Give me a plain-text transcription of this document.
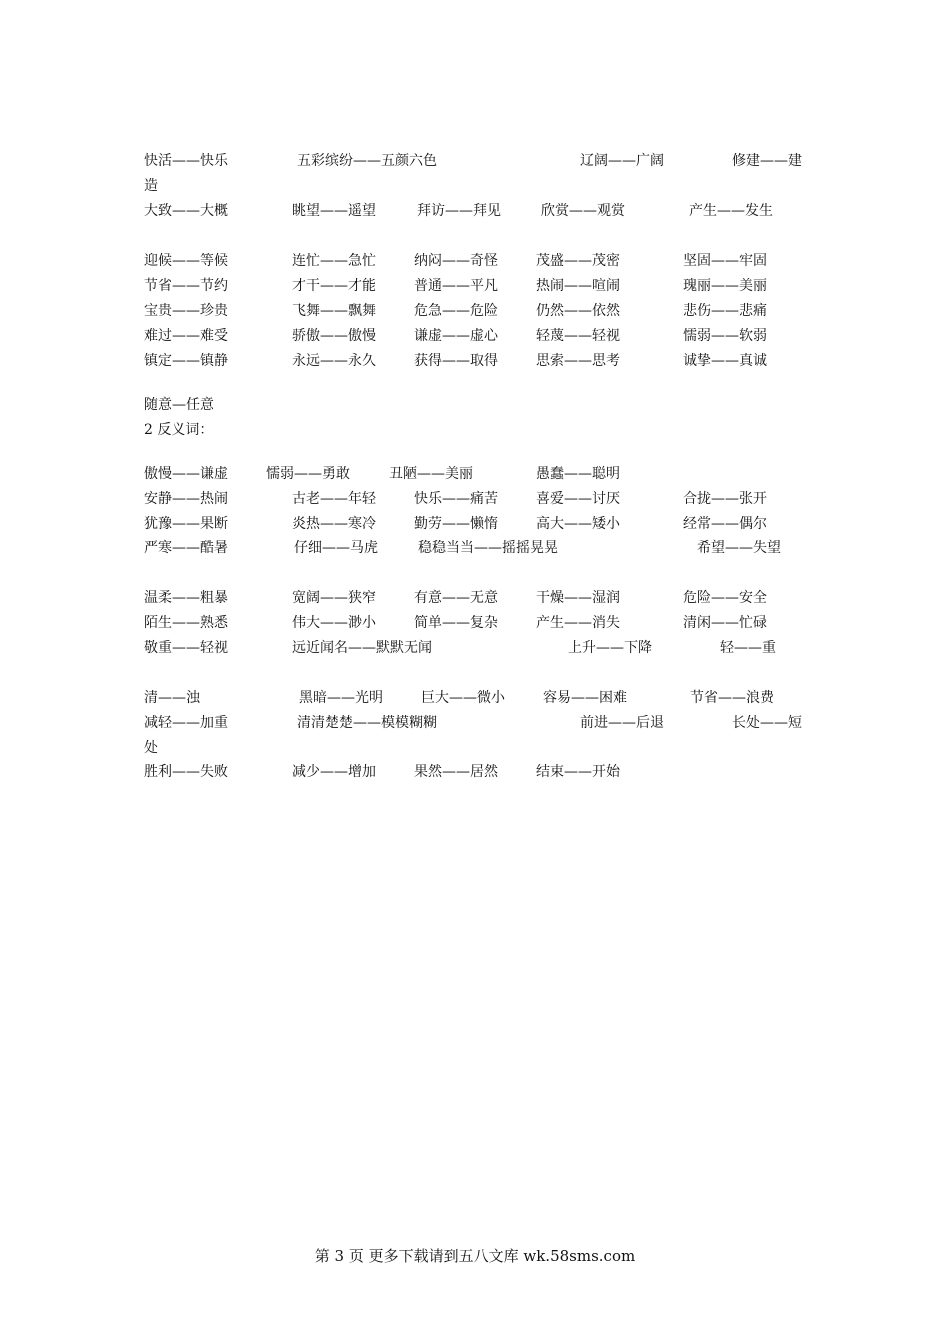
快活——快乐	五彩缤纷——五颜六色	辽阔——广阔	修建——建
造
大致——大概	眺望——遥望	拜访——拜见	欣赏——观赏	产生——发生
迎候——等候	连忙——急忙	纳闷——奇怪	茂盛——茂密	坚固——牢固
节省——节约	才干——才能	普通——平凡	热闹——喧闹	瑰丽——美丽
宝贵——珍贵	飞舞——飘舞	危急——危险	仍然——依然	悲伤——悲痛
难过——难受	骄傲——傲慢	谦虚——虚心	轻蔑——轻视	懦弱——软弱
镇定——镇静	永远——永久	获得——取得	思索——思考	诚挚——真诚
随意—任意
2 反义词：
傲慢——谦虚	懦弱——勇敢	丑陋——美丽	愚蠢——聪明
安静——热闹	古老——年轻	快乐——痛苦	喜爱——讨厌	合拢——张开
犹豫——果断	炎热——寒冷	勤劳——懒惰	高大——矮小	经常——偶尔
严寒——酷暑	仔细——马虎	稳稳当当——摇摇晃晃	希望——失望
温柔——粗暴	宽阔——狭窄	有意——无意	干燥——湿润	危险——安全
陌生——熟悉	伟大——渺小	简单——复杂	产生——消失	清闲——忙碌
敬重——轻视	远近闻名——默默无闻	上升——下降	轻——重
清——浊	黑暗——光明	巨大——微小	容易——困难	节省——浪费
减轻——加重	清清楚楚——模模糊糊	前进——后退	长处——短
处
胜利——失败	减少——增加	果然——居然	结束——开始
第 3 页 更多下载请到五八文库 wk.58sms.com
